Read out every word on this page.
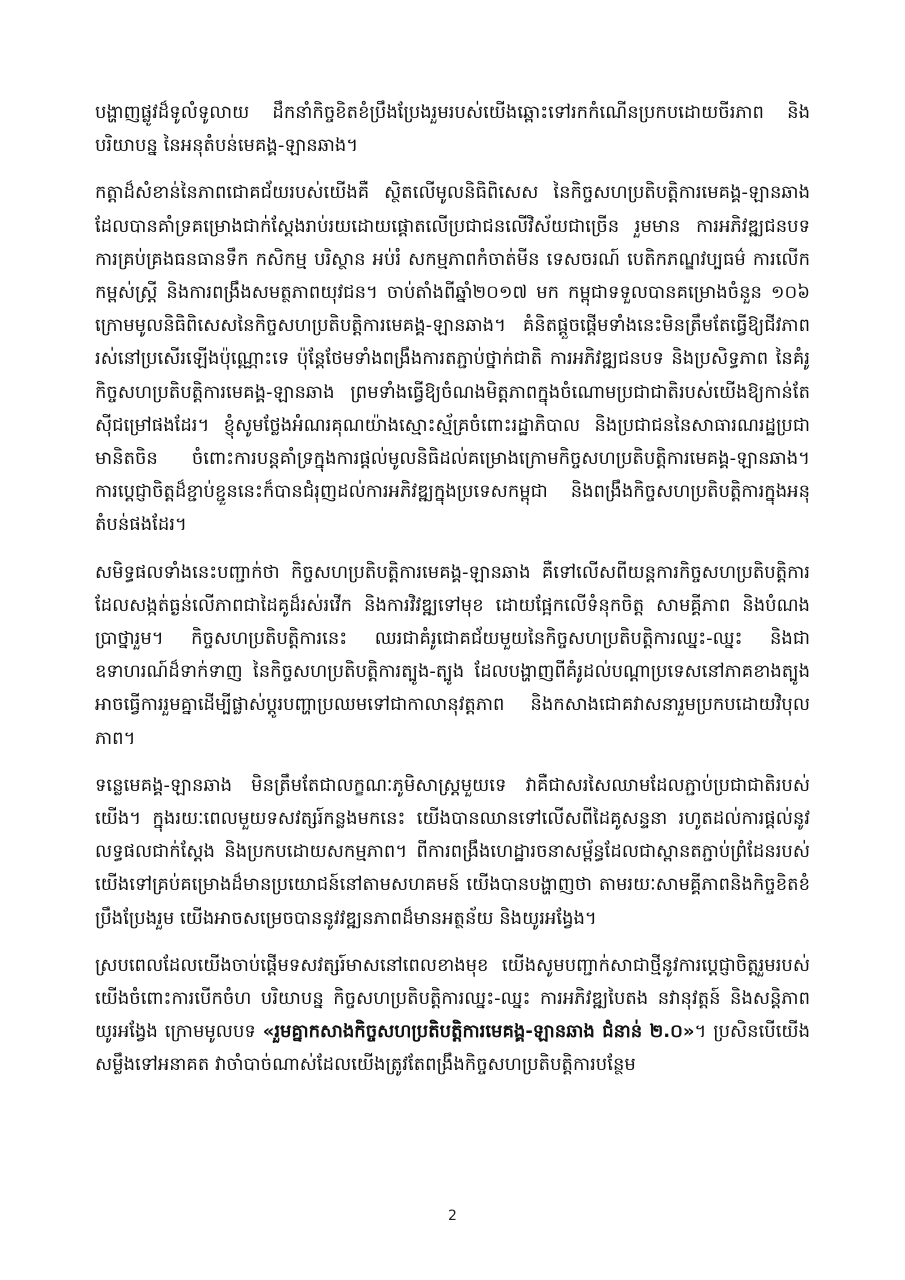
បង្ហាញផ្លូវដ៏ទូលំទូលាយ ដឹកនាំកិច្ចខិតខំប្រឹងប្រែងរួមរបស់យើងឆ្ពោះទៅរកកំណើនប្រកបដោយចីរភាព និងបរិយាបន្ន នៃអនុតំបន់មេគង្គ-ឡានឆាង។

កត្តាដ៏សំខាន់នៃភាពជោគជ័យរបស់យើងគឺ ស្ថិតលើមូលនិធិពិសេស នៃកិច្ចសហប្រតិបត្តិការមេគង្គ-ឡានឆាង ដែលបានគាំទ្រគម្រោងជាក់ស្តែងរាប់រយដោយផ្តោតលើប្រជាជនលើវិស័យជាច្រើន រួមមាន ការអភិវឌ្ឍជនបទ ការគ្រប់គ្រងធនធានទឹក កសិកម្ម បរិស្ថាន អប់រំ សកម្មភាពកំចាត់មីន ទេសចរណ៍ បេតិកភណ្ឌវប្បធម៌ ការលើកកម្ពស់ស្ត្រី និងការពង្រឹងសមត្ថភាពយុវជន។ ចាប់តាំងពីឆ្នាំ២០១៧ មក កម្ពុជាទទួលបានគម្រោងចំនួន ១០៦ ក្រោមមូលនិធិពិសេសនៃកិច្ចសហប្រតិបត្តិការមេគង្គ-ឡានឆាង។ គំនិតផ្តួចផ្តើមទាំងនេះមិនត្រឹមតែធ្វើឱ្យជីវភាពរស់នៅប្រសើរឡើងប៉ុណ្ណោះទេ ប៉ុន្តែថែមទាំងពង្រឹងការតភ្ជាប់ថ្នាក់ជាតិ ការអភិវឌ្ឍជនបទ និងប្រសិទ្ធភាព នៃគំរូកិច្ចសហប្រតិបត្តិការមេគង្គ-ឡានឆាង ព្រមទាំងធ្វើឱ្យចំណងមិត្តភាពក្នុងចំណោមប្រជាជាតិរបស់យើងឱ្យកាន់តែស៊ីជម្រៅផងដែរ។ ខ្ញុំសូមថ្លែងអំណរគុណយ៉ាងស្មោះស្ម័គ្រចំពោះរដ្ឋាភិបាល និងប្រជាជននៃសាធារណរដ្ឋប្រជាមានិតចិន ចំពោះការបន្តគាំទ្រក្នុងការផ្តល់មូលនិធិដល់គម្រោងក្រោមកិច្ចសហប្រតិបត្តិការមេគង្គ-ឡានឆាង។ ការប្តេជ្ញាចិត្តដ៏ខ្ជាប់ខ្ជួននេះក៏បានជំរុញដល់ការអភិវឌ្ឍក្នុងប្រទេសកម្ពុជា និងពង្រឹងកិច្ចសហប្រតិបត្តិការក្នុងអនុតំបន់ផងដែរ។

សមិទ្ធផលទាំងនេះបញ្ជាក់ថា កិច្ចសហប្រតិបត្តិការមេគង្គ-ឡានឆាង គឺទៅលើសពីយន្តការកិច្ចសហប្រតិបត្តិការ ដែលសង្កត់ធ្ងន់លើភាពជាដៃគូដ៏រស់រវើក និងការវិវឌ្ឍទៅមុខ ដោយផ្អែកលើទំនុកចិត្ត សាមគ្គីភាព និងបំណងប្រាថ្នារួម។ កិច្ចសហប្រតិបត្តិការនេះ ឈរជាគំរូជោគជ័យមួយនៃកិច្ចសហប្រតិបត្តិការឈ្នះ-ឈ្នះ និងជាឧទាហរណ៍ដ៏ទាក់ទាញ នៃកិច្ចសហប្រតិបត្តិការត្បូង-ត្បូង ដែលបង្ហាញពីគំរូដល់បណ្តាប្រទេសនៅភាគខាងត្បូង អាចធ្វើការរួមគ្នាដើម្បីផ្លាស់ប្តូរបញ្ហាប្រឈមទៅជាកាលានុវត្តភាព និងកសាងជោគវាសនារួមប្រកបដោយវិបុលភាព។

ទន្លេមេគង្គ-ឡានឆាង មិនត្រឹមតែជាលក្ខណៈភូមិសាស្ត្រមួយទេ វាគឺជាសរសៃឈាមដែលភ្ជាប់ប្រជាជាតិរបស់យើង។ ក្នុងរយៈពេលមួយទសវត្សរ៍កន្លងមកនេះ យើងបានឈានទៅលើសពីដៃគូសន្ទនា រហូតដល់ការផ្តល់នូវលទ្ធផលជាក់ស្តែង និងប្រកបដោយសកម្មភាព។ ពីការពង្រឹងហេដ្ឋារចនាសម្ព័ន្ធដែលជាស្ពានតភ្ជាប់ព្រំដែនរបស់យើងទៅគ្រប់គម្រោងដ៏មានប្រយោជន៍នៅតាមសហគមន៍ យើងបានបង្ហាញថា តាមរយៈសាមគ្គីភាពនិងកិច្ចខិតខំប្រឹងប្រែងរួម យើងអាចសម្រេចបាននូវវឌ្ឍនភាពដ៏មានអត្ថន័យ និងយូរអង្វែង។

ស្របពេលដែលយើងចាប់ផ្តើមទសវត្សរ៍មាសនៅពេលខាងមុខ យើងសូមបញ្ជាក់សាជាថ្មីនូវការប្តេជ្ញាចិត្តរួមរបស់យើងចំពោះការបើកចំហ បរិយាបន្ន កិច្ចសហប្រតិបត្តិការឈ្នះ-ឈ្នះ ការអភិវឌ្ឍបៃតង នវានុវត្តន៍ និងសន្តិភាពយូរអង្វែង ក្រោមមូលបទ «រួមគ្នាកសាងកិច្ចសហប្រតិបត្តិការមេគង្គ-ឡានឆាង ជំនាន់ ២.០»។ ប្រសិនបើយើងសម្លឹងទៅអនាគត វាចាំបាច់ណាស់ដែលយើងត្រូវតែពង្រឹងកិច្ចសហប្រតិបត្តិការបន្ថែម

2
